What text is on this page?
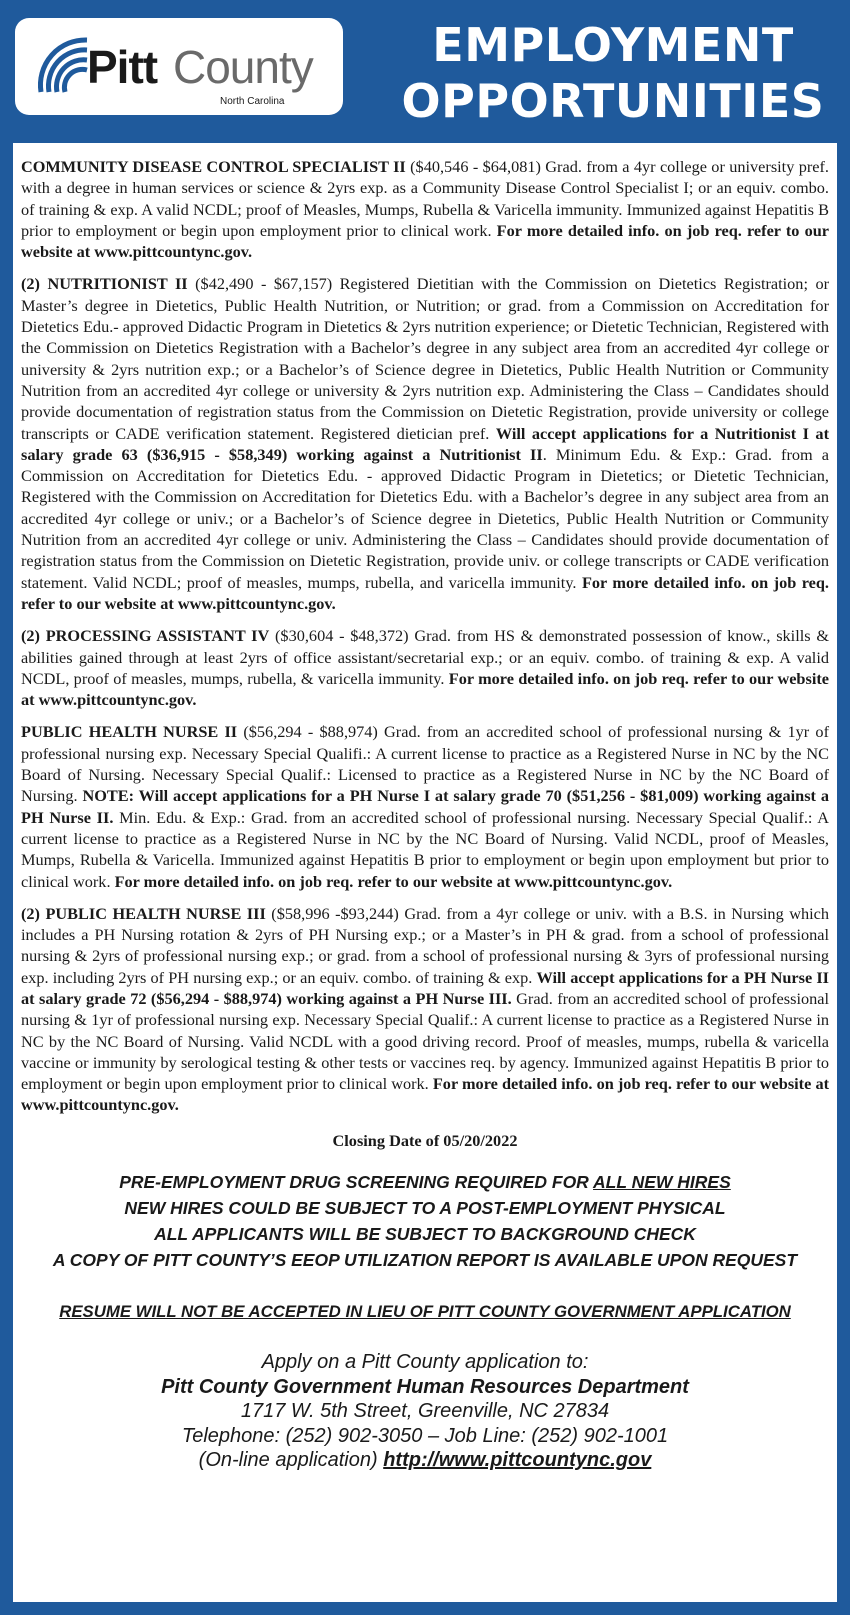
Pitt County
North Carolina
EMPLOYMENT
OPPORTUNITIES

COMMUNITY DISEASE CONTROL SPECIALIST II ($40,546 - $64,081) Grad. from a 4yr college or university pref. with a degree in human services or science & 2yrs exp. as a Community Disease Control Specialist I; or an equiv. combo. of training & exp. A valid NCDL; proof of Measles, Mumps, Rubella & Varicella immunity. Immunized against Hepatitis B prior to employment or begin upon employment prior to clinical work. For more detailed info. on job req. refer to our website at www.pittcountync.gov.

(2) NUTRITIONIST II ($42,490 - $67,157) Registered Dietitian with the Commission on Dietetics Registration; or Master’s degree in Dietetics, Public Health Nutrition, or Nutrition; or grad. from a Commission on Accreditation for Dietetics Edu.- approved Didactic Program in Dietetics & 2yrs nutrition experience; or Dietetic Technician, Registered with the Commission on Dietetics Registration with a Bachelor’s degree in any subject area from an accredited 4yr college or university & 2yrs nutrition exp.; or a Bachelor’s of Science degree in Dietetics, Public Health Nutrition or Community Nutrition from an accredited 4yr college or university & 2yrs nutrition exp. Administering the Class – Candidates should provide documentation of registration status from the Commission on Dietetic Registration, provide university or college transcripts or CADE verification statement. Registered dietician pref. Will accept applications for a Nutritionist I at salary grade 63 ($36,915 - $58,349) working against a Nutritionist II. Minimum Edu. & Exp.: Grad. from a Commission on Accreditation for Dietetics Edu. - approved Didactic Program in Dietetics; or Dietetic Technician, Registered with the Commission on Accreditation for Dietetics Edu. with a Bachelor’s degree in any subject area from an accredited 4yr college or univ.; or a Bachelor’s of Science degree in Dietetics, Public Health Nutrition or Community Nutrition from an accredited 4yr college or univ. Administering the Class – Candidates should provide documentation of registration status from the Commission on Dietetic Registration, provide univ. or college transcripts or CADE verification statement. Valid NCDL; proof of measles, mumps, rubella, and varicella immunity. For more detailed info. on job req. refer to our website at www.pittcountync.gov.

(2) PROCESSING ASSISTANT IV ($30,604 - $48,372) Grad. from HS & demonstrated possession of know., skills & abilities gained through at least 2yrs of office assistant/secretarial exp.; or an equiv. combo. of training & exp. A valid NCDL, proof of measles, mumps, rubella, & varicella immunity. For more detailed info. on job req. refer to our website at www.pittcountync.gov.

PUBLIC HEALTH NURSE II ($56,294 - $88,974) Grad. from an accredited school of professional nursing & 1yr of professional nursing exp. Necessary Special Qualifi.: A current license to practice as a Registered Nurse in NC by the NC Board of Nursing. Necessary Special Qualif.: Licensed to practice as a Registered Nurse in NC by the NC Board of Nursing. NOTE: Will accept applications for a PH Nurse I at salary grade 70 ($51,256 - $81,009) working against a PH Nurse II. Min. Edu. & Exp.: Grad. from an accredited school of professional nursing. Necessary Special Qualif.: A current license to practice as a Registered Nurse in NC by the NC Board of Nursing. Valid NCDL, proof of Measles, Mumps, Rubella & Varicella. Immunized against Hepatitis B prior to employment or begin upon employment but prior to clinical work. For more detailed info. on job req. refer to our website at www.pittcountync.gov.

(2) PUBLIC HEALTH NURSE III ($58,996 -$93,244) Grad. from a 4yr college or univ. with a B.S. in Nursing which includes a PH Nursing rotation & 2yrs of PH Nursing exp.; or a Master’s in PH & grad. from a school of professional nursing & 2yrs of professional nursing exp.; or grad. from a school of professional nursing & 3yrs of professional nursing exp. including 2yrs of PH nursing exp.; or an equiv. combo. of training & exp. Will accept applications for a PH Nurse II at salary grade 72 ($56,294 - $88,974) working against a PH Nurse III. Grad. from an accredited school of professional nursing & 1yr of professional nursing exp. Necessary Special Qualif.: A current license to practice as a Registered Nurse in NC by the NC Board of Nursing. Valid NCDL with a good driving record. Proof of measles, mumps, rubella & varicella vaccine or immunity by serological testing & other tests or vaccines req. by agency. Immunized against Hepatitis B prior to employment or begin upon employment prior to clinical work. For more detailed info. on job req. refer to our website at www.pittcountync.gov.

Closing Date of 05/20/2022
PRE-EMPLOYMENT DRUG SCREENING REQUIRED FOR ALL NEW HIRES
NEW HIRES COULD BE SUBJECT TO A POST-EMPLOYMENT PHYSICAL
ALL APPLICANTS WILL BE SUBJECT TO BACKGROUND CHECK
A COPY OF PITT COUNTY’S EEOP UTILIZATION REPORT IS AVAILABLE UPON REQUEST
RESUME WILL NOT BE ACCEPTED IN LIEU OF PITT COUNTY GOVERNMENT APPLICATION
Apply on a Pitt County application to:
Pitt County Government Human Resources Department
1717 W. 5th Street, Greenville, NC 27834
Telephone: (252) 902-3050 – Job Line: (252) 902-1001
(On-line application) http://www.pittcountync.gov
